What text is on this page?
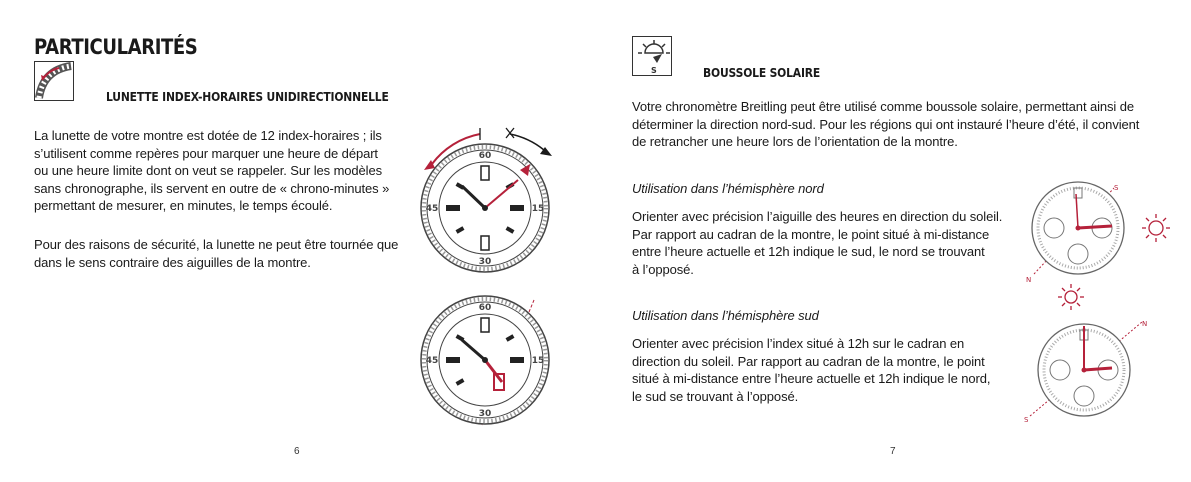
PARTICULARITÉS
LUNETTE INDEX-HORAIRES UNIDIRECTIONNELLE

La lunette de votre montre est dotée de 12 index-horaires ; ils
s’utilisent comme repères pour marquer une heure de départ
ou une heure limite dont on veut se rappeler. Sur les modèles
sans chronographe, ils servent en outre de « chrono-minutes »
permettant de mesurer, en minutes, le temps écoulé.

Pour des raisons de sécurité, la lunette ne peut être tournée que
dans le sens contraire des aiguilles de la montre.

60
15
30
45
60
15
30
45
6
S	BOUSSOLE SOLAIRE

Votre chronomètre Breitling peut être utilisé comme boussole solaire, permettant ainsi de
déterminer la direction nord-sud. Pour les régions qui ont instauré l’heure d’été, il convient
de retrancher une heure lors de l’orientation de la montre.

Utilisation dans l’hémisphère nord

Orienter avec précision l’aiguille des heures en direction du soleil.
Par rapport au cadran de la montre, le point situé à mi-distance
entre l’heure actuelle et 12h indique le sud, le nord se trouvant
à l’opposé.

Utilisation dans l’hémisphère sud

Orienter avec précision l’index situé à 12h sur le cadran en
direction du soleil. Par rapport au cadran de la montre, le point
situé à mi-distance entre l’heure actuelle et 12h indique le nord,
le sud se trouvant à l’opposé.

S
N
N
S
7
